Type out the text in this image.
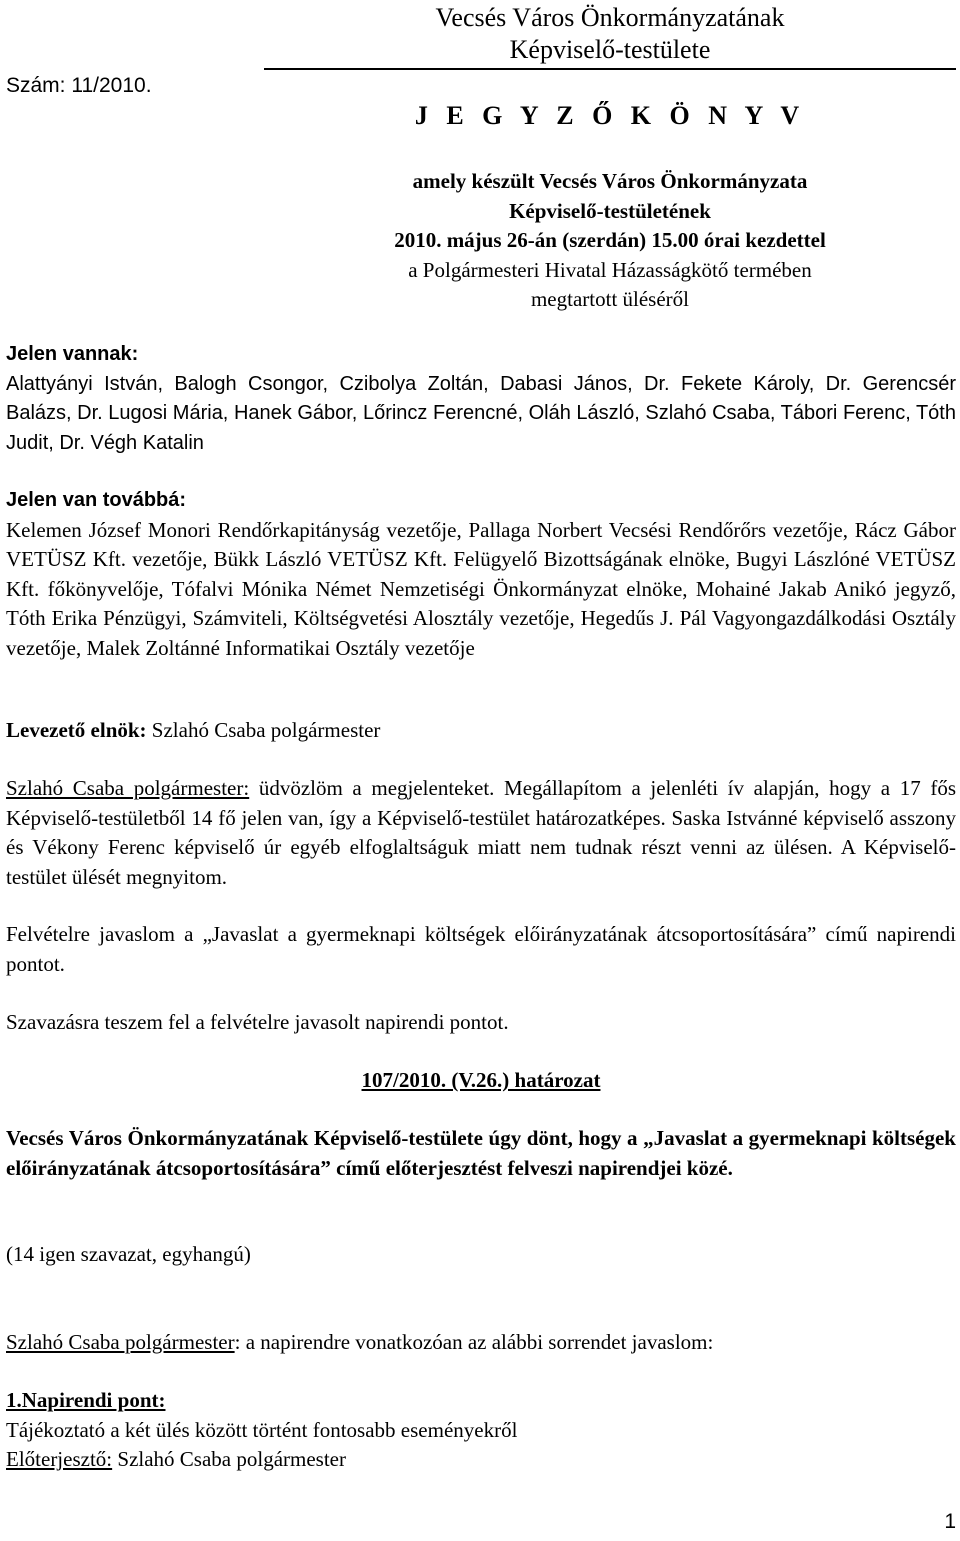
Vecsés Város Önkormányzatának
Képviselő-testülete
Szám: 11/2010.
J E G Y Z Ő K Ö N Y V
amely készült Vecsés Város Önkormányzata
Képviselő-testületének
2010. május 26-án (szerdán) 15.00 órai kezdettel
a Polgármesteri Hivatal Házasságkötő termében
megtartott üléséről
Jelen vannak:
Alattyányi István, Balogh Csongor, Czibolya Zoltán, Dabasi János, Dr. Fekete Károly, Dr. Gerencsér Balázs, Dr. Lugosi Mária, Hanek Gábor, Lőrincz Ferencné, Oláh László, Szlahó Csaba, Tábori Ferenc, Tóth Judit, Dr. Végh Katalin
Jelen van továbbá:
Kelemen József Monori Rendőrkapitányság vezetője, Pallaga Norbert Vecsési Rendőrőrs vezetője, Rácz Gábor VETÜSZ Kft. vezetője, Bükk László VETÜSZ Kft. Felügyelő Bizottságának elnöke, Bugyi Lászlóné VETÜSZ Kft. főkönyvelője, Tófalvi Mónika Német Nemzetiségi Önkormányzat elnöke, Mohainé Jakab Anikó jegyző, Tóth Erika Pénzügyi, Számviteli, Költségvetési Alosztály vezetője, Hegedűs J. Pál Vagyongazdálkodási Osztály vezetője, Malek Zoltánné Informatikai Osztály vezetője
Levezető elnök: Szlahó Csaba polgármester
Szlahó Csaba polgármester: üdvözlöm a megjelenteket. Megállapítom a jelenléti ív alapján, hogy a 17 fős Képviselő-testületből 14 fő jelen van, így a Képviselő-testület határozatképes. Saska Istvánné képviselő asszony és Vékony Ferenc képviselő úr egyéb elfoglaltságuk miatt nem tudnak részt venni az ülésen. A Képviselő-testület ülését megnyitom.
Felvételre javaslom a „Javaslat a gyermeknapi költségek előirányzatának átcsoportosítására” című napirendi pontot.
Szavazásra teszem fel a felvételre javasolt napirendi pontot.
107/2010. (V.26.) határozat
Vecsés Város Önkormányzatának Képviselő-testülete úgy dönt, hogy a „Javaslat a gyermeknapi költségek előirányzatának átcsoportosítására” című előterjesztést felveszi napirendjei közé.
(14 igen szavazat, egyhangú)
Szlahó Csaba polgármester: a napirendre vonatkozóan az alábbi sorrendet javaslom:
1.Napirendi pont:
Tájékoztató a két ülés között történt fontosabb eseményekről
Előterjesztő: Szlahó Csaba polgármester
1
